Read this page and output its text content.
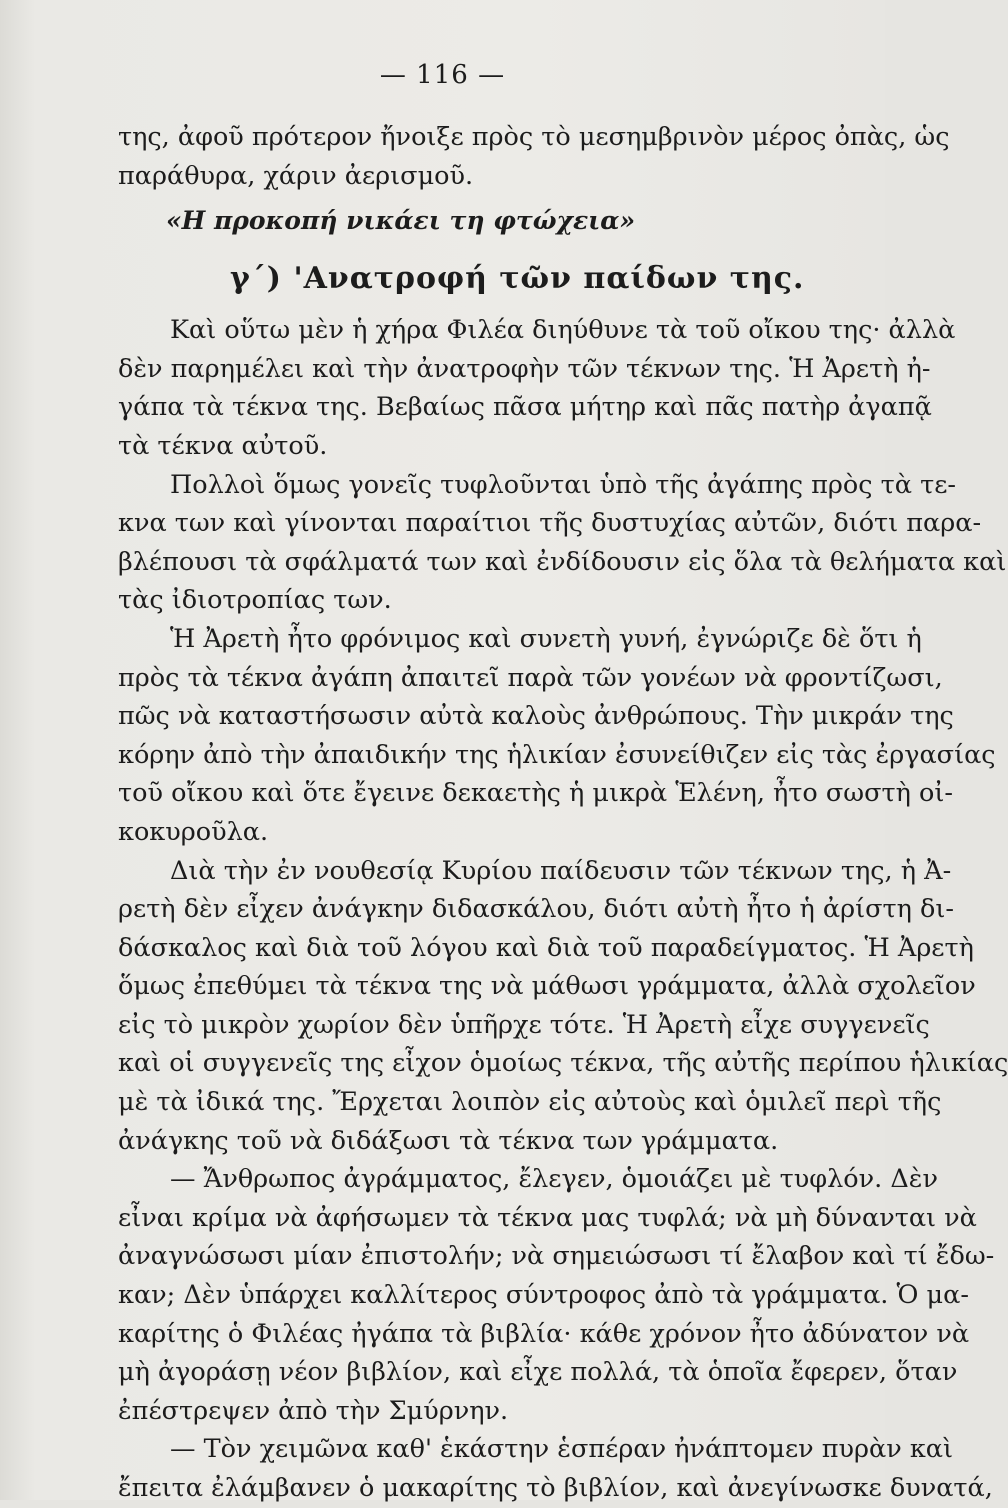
— 116 —
της, ἀφοῦ πρότερον ἤνοιξε πρὸς τὸ μεσημβρινὸν μέρος ὀπὰς, ὡς
παράθυρα, χάριν ἀερισμοῦ.
«Η προκοπή νικάει τη φτώχεια»
γ΄) 'Ανατροφή τῶν παίδων της.
Καὶ οὕτω μὲν ἡ χήρα Φιλέα διηύθυνε τὰ τοῦ οἴκου της· ἀλλὰ
δὲν παρημέλει καὶ τὴν ἀνατροφὴν τῶν τέκνων της. Ἡ Ἀρετὴ ἠ-
γάπα τὰ τέκνα της. Βεβαίως πᾶσα μήτηρ καὶ πᾶς πατὴρ ἀγαπᾷ
τὰ τέκνα αὐτοῦ.
Πολλοὶ ὅμως γονεῖς τυφλοῦνται ὑπὸ τῆς ἀγάπης πρὸς τὰ τε-
κνα των καὶ γίνονται παραίτιοι τῆς δυστυχίας αὐτῶν, διότι παρα-
βλέπουσι τὰ σφάλματά των καὶ ἐνδίδουσιν εἰς ὅλα τὰ θελήματα καὶ
τὰς ἰδιοτροπίας των.
Ἡ Ἀρετὴ ἦτο φρόνιμος καὶ συνετὴ γυνή, ἐγνώριζε δὲ ὅτι ἡ
πρὸς τὰ τέκνα ἀγάπη ἀπαιτεῖ παρὰ τῶν γονέων νὰ φροντίζωσι,
πῶς νὰ καταστήσωσιν αὐτὰ καλοὺς ἀνθρώπους. Τὴν μικράν της
κόρην ἀπὸ τὴν ἀπαιδικήν της ἡλικίαν ἐσυνείθιζεν εἰς τὰς ἐργασίας
τοῦ οἴκου καὶ ὅτε ἔγεινε δεκαετὴς ἡ μικρὰ Ἑλένη, ἦτο σωστὴ οἰ-
κοκυροῦλα.
Διὰ τὴν ἐν νουθεσίᾳ Κυρίου παίδευσιν τῶν τέκνων της, ἡ Ἀ-
ρετὴ δὲν εἶχεν ἀνάγκην διδασκάλου, διότι αὐτὴ ἦτο ἡ ἀρίστη δι-
δάσκαλος καὶ διὰ τοῦ λόγου καὶ διὰ τοῦ παραδείγματος. Ἡ Ἀρετὴ
ὅμως ἐπεθύμει τὰ τέκνα της νὰ μάθωσι γράμματα, ἀλλὰ σχολεῖον
εἰς τὸ μικρὸν χωρίον δὲν ὑπῆρχε τότε. Ἡ Ἀρετὴ εἶχε συγγενεῖς
καὶ οἱ συγγενεῖς της εἶχον ὁμοίως τέκνα, τῆς αὐτῆς περίπου ἡλικίας
μὲ τὰ ἰδικά της. Ἔρχεται λοιπὸν εἰς αὐτοὺς καὶ ὁμιλεῖ περὶ τῆς
ἀνάγκης τοῦ νὰ διδάξωσι τὰ τέκνα των γράμματα.
— Ἄνθρωπος ἀγράμματος, ἔλεγεν, ὁμοιάζει μὲ τυφλόν. Δὲν
εἶναι κρίμα νὰ ἀφήσωμεν τὰ τέκνα μας τυφλά; νὰ μὴ δύνανται νὰ
ἀναγνώσωσι μίαν ἐπιστολήν; νὰ σημειώσωσι τί ἔλαβον καὶ τί ἔδω-
καν; Δὲν ὑπάρχει καλλίτερος σύντροφος ἀπὸ τὰ γράμματα. Ὁ μα-
καρίτης ὁ Φιλέας ἠγάπα τὰ βιβλία· κάθε χρόνον ἦτο ἀδύνατον νὰ
μὴ ἀγοράσῃ νέον βιβλίον, καὶ εἶχε πολλά, τὰ ὁποῖα ἔφερεν, ὅταν
ἐπέστρεψεν ἀπὸ τὴν Σμύρνην.
— Τὸν χειμῶνα καθ' ἑκάστην ἑσπέραν ἠνάπτομεν πυρὰν καὶ
ἔπειτα ἐλάμβανεν ὁ μακαρίτης τὸ βιβλίον, καὶ ἀνεγίνωσκε δυνατά,
